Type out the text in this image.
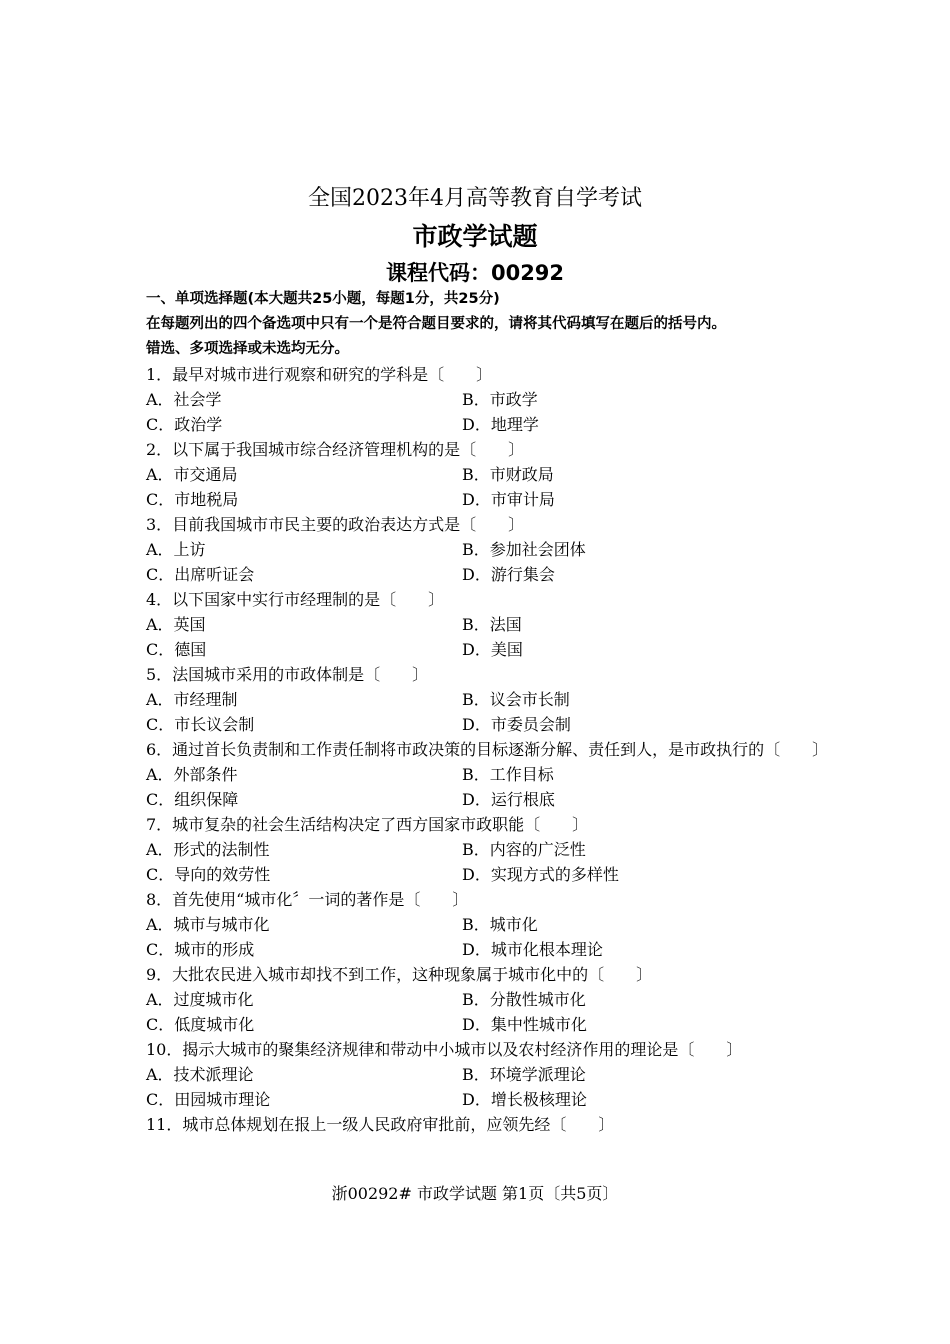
全国2023年4月高等教育自学考试
市政学试题
课程代码：00292
一、单项选择题(本大题共25小题，每题1分，共25分)
在每题列出的四个备选项中只有一个是符合题目要求的，请将其代码填写在题后的括号内。
错选、多项选择或未选均无分。
1．最早对城市进行观察和研究的学科是〔　　〕
A．社会学	B．市政学
C．政治学	D．地理学
2．以下属于我国城市综合经济管理机构的是〔　　〕
A．市交通局	B．市财政局
C．市地税局	D．市审计局
3．目前我国城市市民主要的政治表达方式是〔　　〕
A．上访	B．参加社会团体
C．出席听证会	D．游行集会
4．以下国家中实行市经理制的是〔　　〕
A．英国	B．法国
C．德国	D．美国
5．法国城市采用的市政体制是〔　　〕
A．市经理制	B．议会市长制
C．市长议会制	D．市委员会制
6．通过首长负责制和工作责任制将市政决策的目标逐渐分解、责任到人，是市政执行的〔　　〕
A．外部条件	B．工作目标
C．组织保障	D．运行根底
7．城市复杂的社会生活结构决定了西方国家市政职能〔　　〕
A．形式的法制性	B．内容的广泛性
C．导向的效劳性	D．实现方式的多样性
8．首先使用“城市化〞一词的著作是〔　　〕
A．城市与城市化	B．城市化
C．城市的形成	D．城市化根本理论
9．大批农民进入城市却找不到工作，这种现象属于城市化中的〔　　〕
A．过度城市化	B．分散性城市化
C．低度城市化	D．集中性城市化
10．揭示大城市的聚集经济规律和带动中小城市以及农村经济作用的理论是〔　　〕
A．技术派理论	B．环境学派理论
C．田园城市理论	D．增长极核理论
11．城市总体规划在报上一级人民政府审批前，应领先经〔　　〕
浙00292# 市政学试题 第1页〔共5页〕
